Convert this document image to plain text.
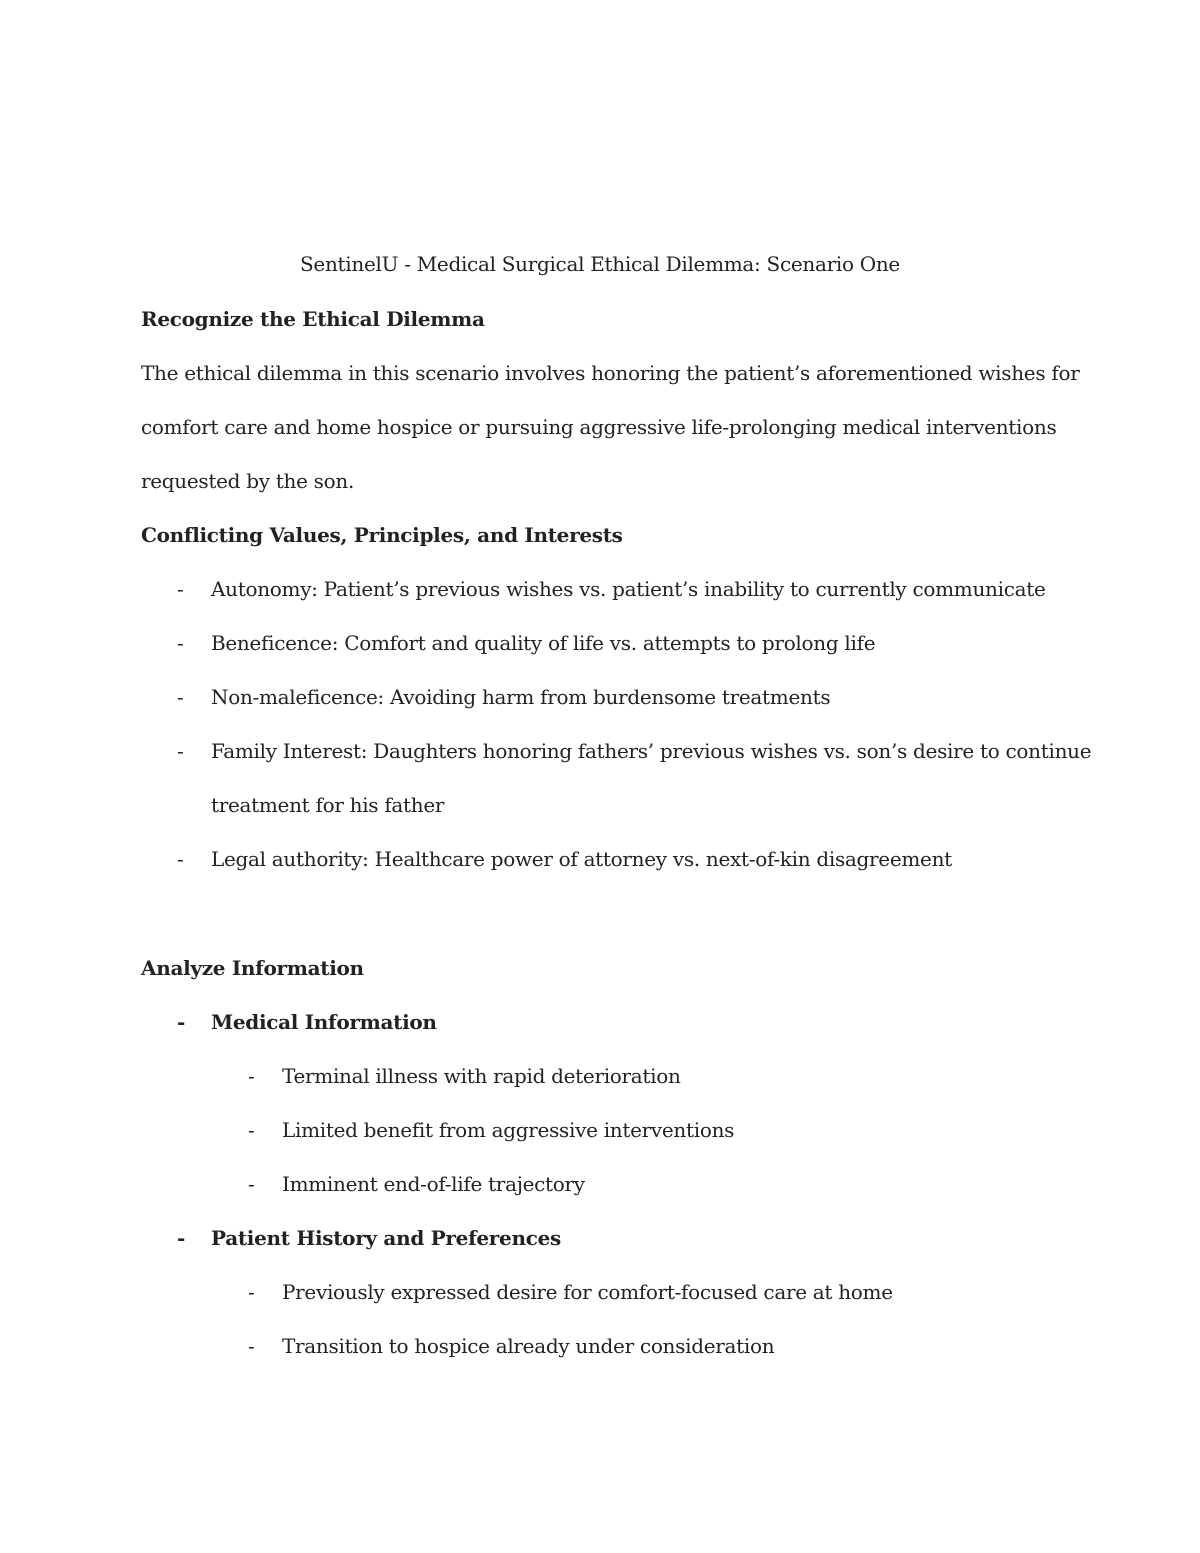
SentinelU - Medical Surgical Ethical Dilemma: Scenario One
Recognize the Ethical Dilemma
The ethical dilemma in this scenario involves honoring the patient’s aforementioned wishes for
comfort care and home hospice or pursuing aggressive life-prolonging medical interventions
requested by the son.
Conflicting Values, Principles, and Interests
- Autonomy: Patient’s previous wishes vs. patient’s inability to currently communicate
- Beneficence: Comfort and quality of life vs. attempts to prolong life
- Non-maleficence: Avoiding harm from burdensome treatments
- Family Interest: Daughters honoring fathers’ previous wishes vs. son’s desire to continue
treatment for his father
- Legal authority: Healthcare power of attorney vs. next-of-kin disagreement
Analyze Information
- Medical Information
- Terminal illness with rapid deterioration
- Limited benefit from aggressive interventions
- Imminent end-of-life trajectory
- Patient History and Preferences
- Previously expressed desire for comfort-focused care at home
- Transition to hospice already under consideration
